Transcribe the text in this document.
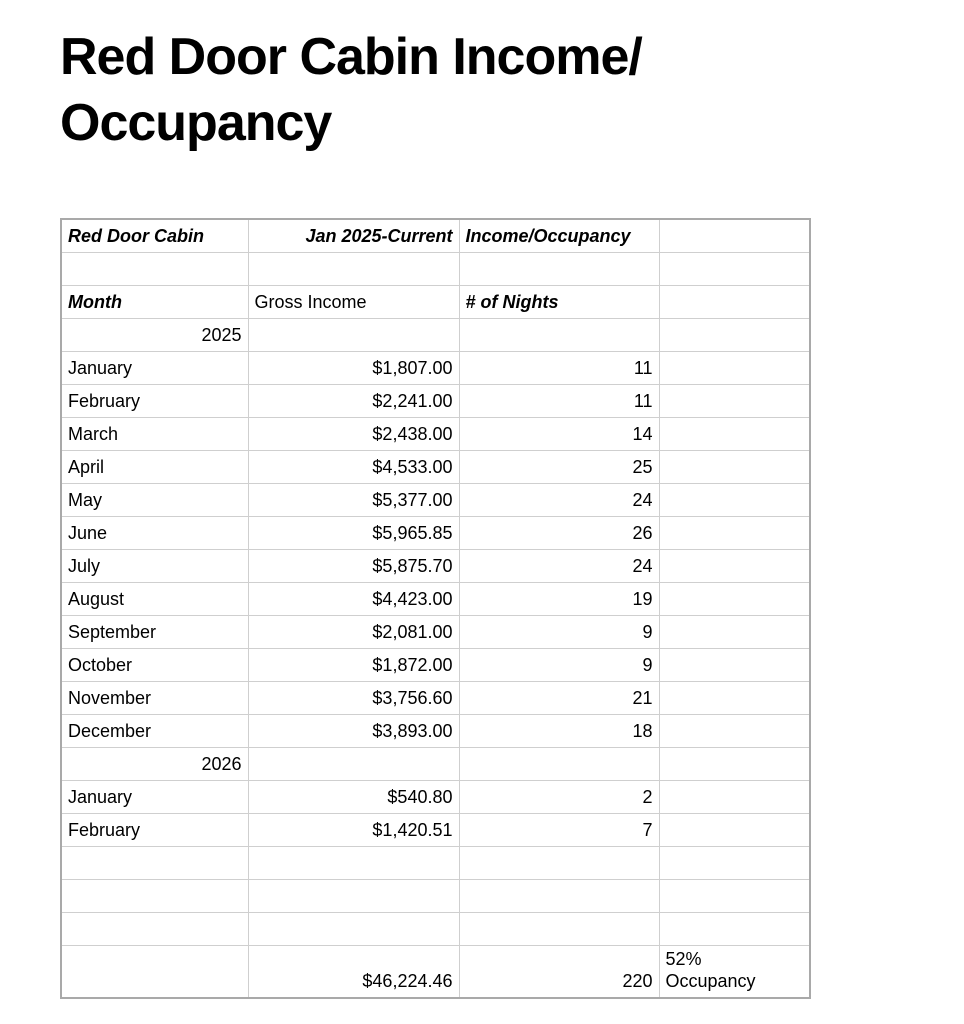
Red Door Cabin Income/
Occupancy
Red Door Cabin	Jan 2025-Current	Income/Occupancy	

Month	Gross Income	# of Nights	
2025			
January	$1,807.00	11	
February	$2,241.00	11	
March	$2,438.00	14	
April	$4,533.00	25	
May	$5,377.00	24	
June	$5,965.85	26	
July	$5,875.70	24	
August	$4,423.00	19	
September	$2,081.00	9	
October	$1,872.00	9	
November	$3,756.60	21	
December	$3,893.00	18	
2026			
January	$540.80	2	
February	$1,420.51	7	

	$46,224.46	220	52%
Occupancy
